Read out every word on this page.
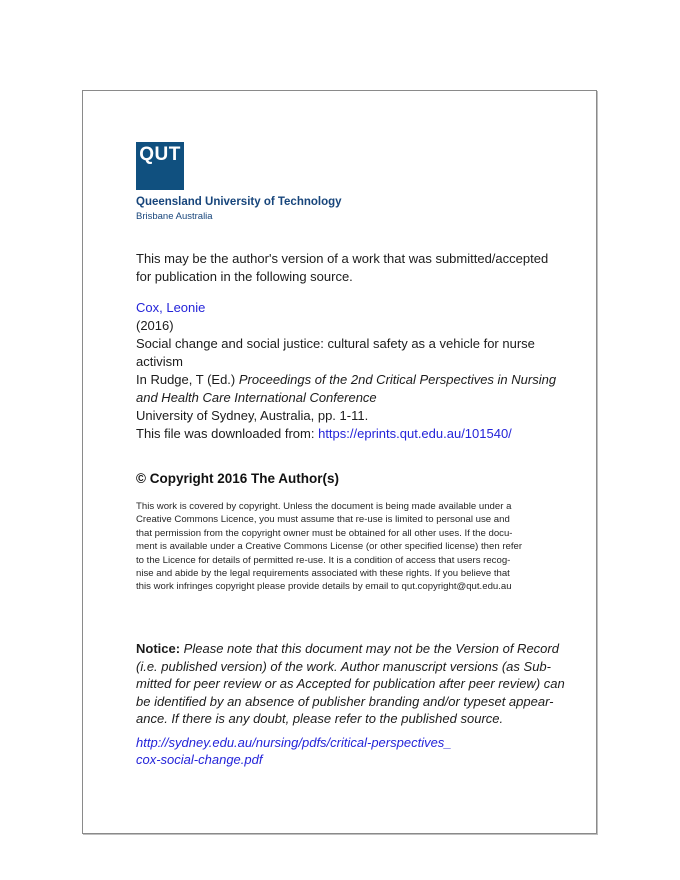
QUT
Queensland University of Technology
Brisbane Australia
This may be the author's version of a work that was submitted/accepted
for publication in the following source.
Cox, Leonie
(2016)
Social change and social justice: cultural safety as a vehicle for nurse
activism
In Rudge, T (Ed.) Proceedings of the 2nd Critical Perspectives in Nursing
and Health Care International Conference
University of Sydney, Australia, pp. 1-11.
This file was downloaded from: https://eprints.qut.edu.au/101540/
© Copyright 2016 The Author(s)
This work is covered by copyright. Unless the document is being made available under a
Creative Commons Licence, you must assume that re-use is limited to personal use and
that permission from the copyright owner must be obtained for all other uses. If the docu-
ment is available under a Creative Commons License (or other specified license) then refer
to the Licence for details of permitted re-use. It is a condition of access that users recog-
nise and abide by the legal requirements associated with these rights. If you believe that
this work infringes copyright please provide details by email to qut.copyright@qut.edu.au
Notice: Please note that this document may not be the Version of Record
(i.e. published version) of the work. Author manuscript versions (as Sub-
mitted for peer review or as Accepted for publication after peer review) can
be identified by an absence of publisher branding and/or typeset appear-
ance. If there is any doubt, please refer to the published source.
http://sydney.edu.au/nursing/pdfs/critical-perspectives_
cox-social-change.pdf
